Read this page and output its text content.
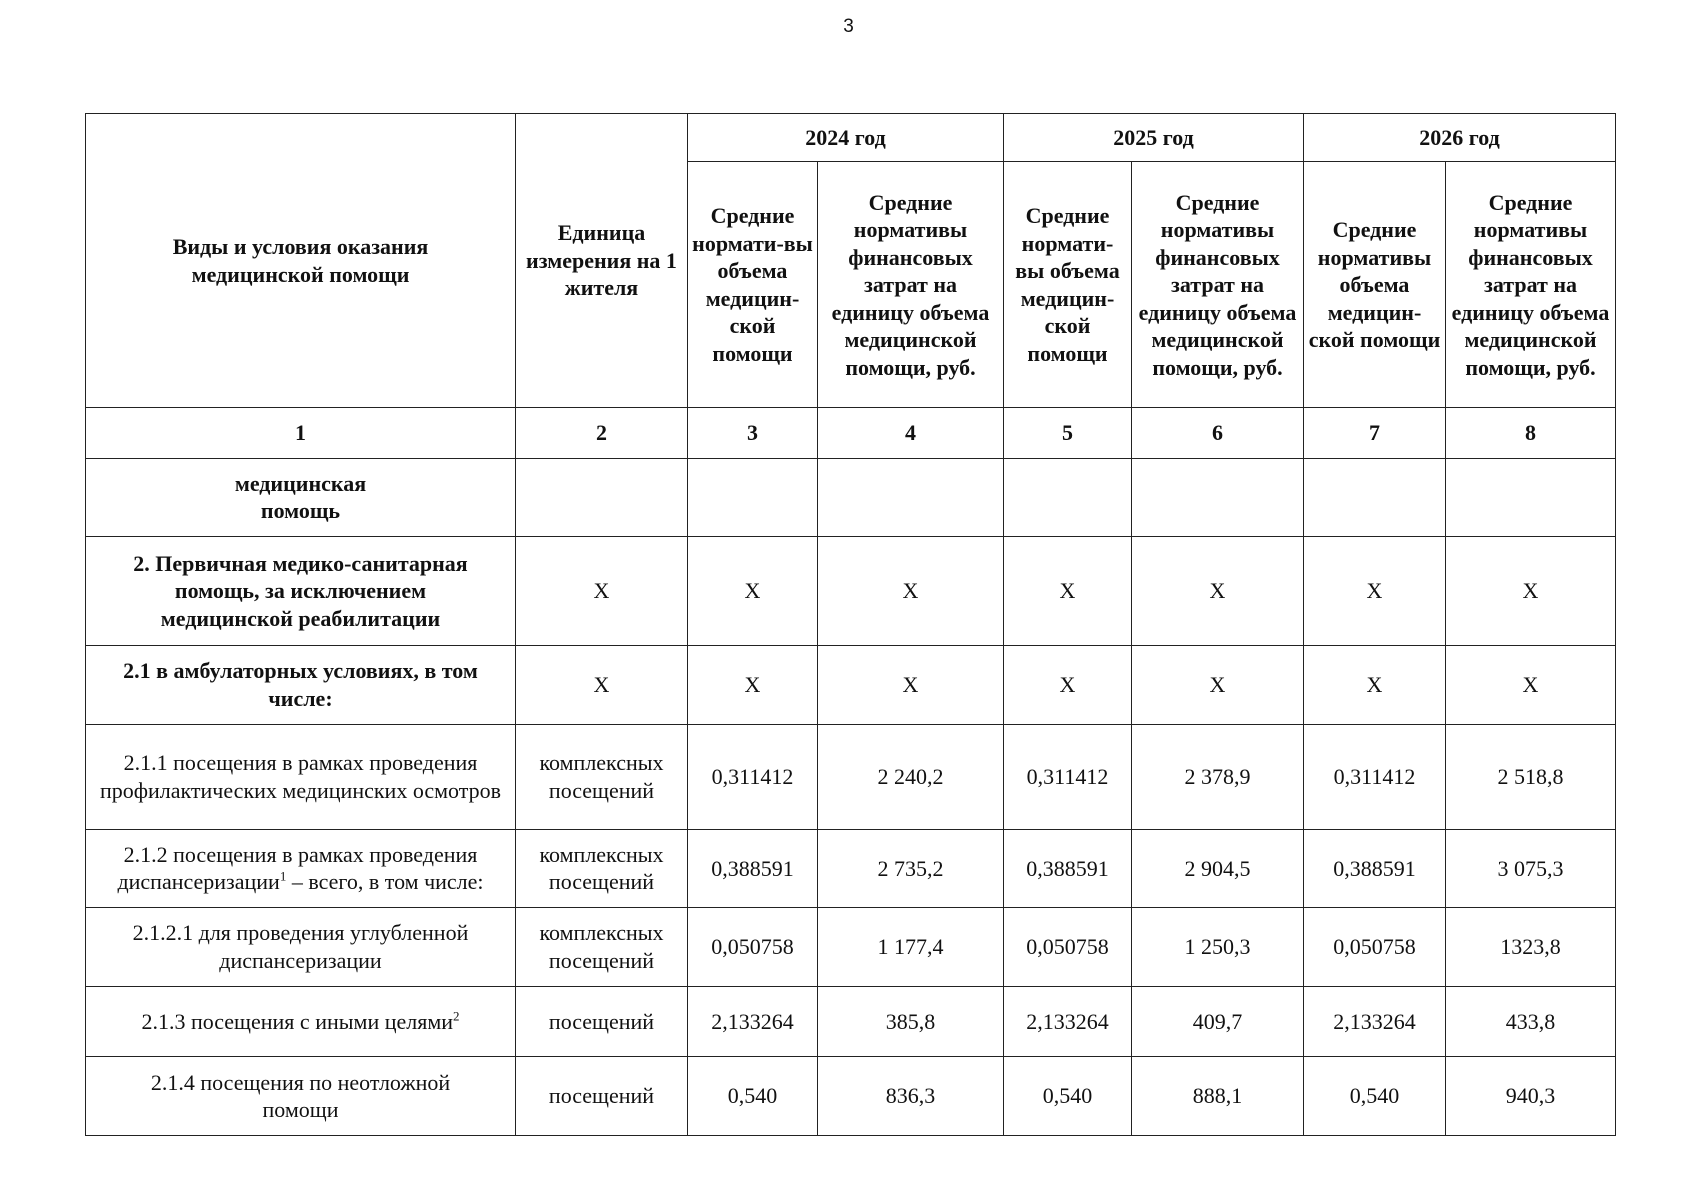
3
Виды и условия оказания медицинской помощи	Единица измерения на 1 жителя	2024 год		2025 год		2026 год	
		Средние нормати-вы объема медицин-ской помощи	Средние нормативы финансовых затрат на единицу объема медицинской помощи, руб.	Средние нормати-вы объема медицин-ской помощи	Средние нормативы финансовых затрат на единицу объема медицинской помощи, руб.	Средние нормативы объема медицин-ской помощи	Средние нормативы финансовых затрат на единицу объема медицинской помощи, руб.
1	2	3	4	5	6	7	8
медицинская помощь							
2. Первичная медико-санитарная помощь, за исключением медицинской реабилитации	X	X	X	X	X	X	X
2.1 в амбулаторных условиях, в том числе:	X	X	X	X	X	X	X
2.1.1 посещения в рамках проведения профилактических медицинских осмотров	комплексных посещений	0,311412	2 240,2	0,311412	2 378,9	0,311412	2 518,8
2.1.2 посещения в рамках проведения диспансеризации$^1$ – всего, в том числе:	комплексных посещений	0,388591	2 735,2	0,388591	2 904,5	0,388591	3 075,3
2.1.2.1 для проведения углубленной диспансеризации	комплексных посещений	0,050758	1 177,4	0,050758	1 250,3	0,050758	1323,8
2.1.3 посещения с иными целями$^2$	посещений	2,133264	385,8	2,133264	409,7	2,133264	433,8
2.1.4 посещения по неотложной помощи	посещений	0,540	836,3	0,540	888,1	0,540	940,3
